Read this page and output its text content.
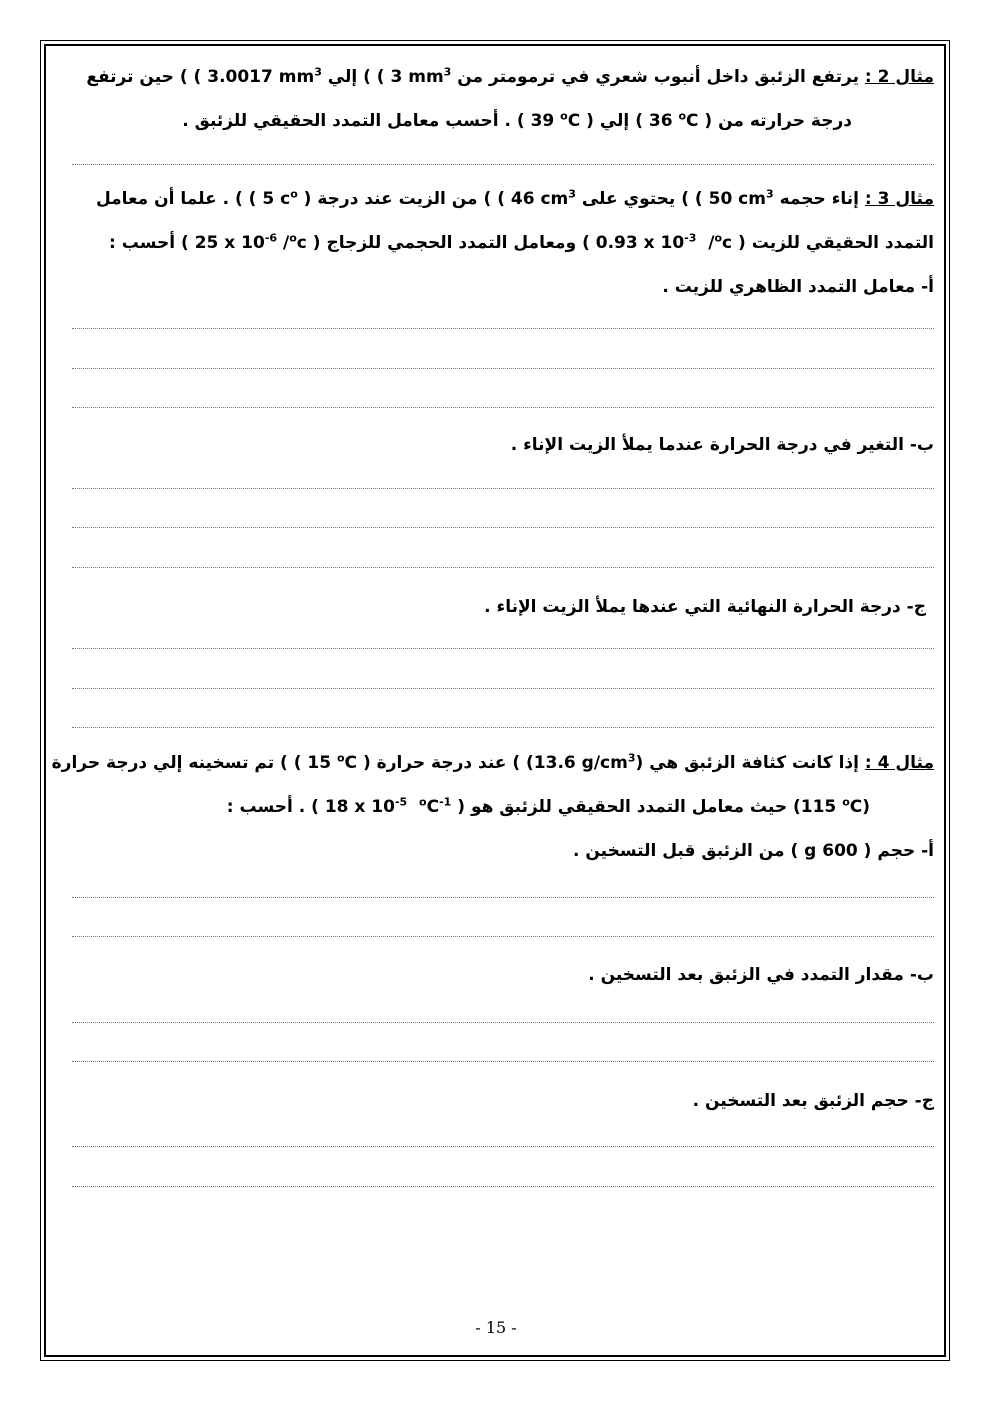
مثال 2 : يرتفع الزئبق داخل أنبوب شعري في ترمومتر من ( 3 $mm^3$ ) إلي ( 3.0017 $mm^3$ ) حين ترتفع
درجة حرارته من ( 36 $^o$C ) إلي ( 39 $^o$C ) . أحسب معامل التمدد الحقيقي للزئبق .
مثال 3 : إناء حجمه ( 50 $cm^3$ ) يحتوي على ( 46 $cm^3$ ) من الزيت عند درجة ( 5 $c^o$ ) ) . علما أن معامل
التمدد الحقيقي للزيت ( 0.93 x $10^{-3}$ /$^o$c ) ومعامل التمدد الحجمي للزجاج ( 25 x $10^{-6}$ /$^o$c ) أحسب :
أ- معامل التمدد الظاهري للزيت .
ب- التغير في درجة الحرارة عندما يملأ الزيت الإناء .
ج- درجة الحرارة النهائية التي عندها يملأ الزيت الإناء .
مثال 4 : إذا كانت كثافة الزئبق هي (13.6 $g/cm^3$) ) عند درجة حرارة ( 15 $^o$C ) ) تم تسخينه إلي درجة حرارة
(115 $^o$C) حيث معامل التمدد الحقيقي للزئبق هو ( 18 x $10^{-5}$ $^oC^{-1}$ ) . أحسب :
أ- حجم ( 600 g ) من الزئبق قبل التسخين .
ب- مقدار التمدد في الزئبق بعد التسخين .
ج- حجم الزئبق بعد التسخين .
- 15 -
